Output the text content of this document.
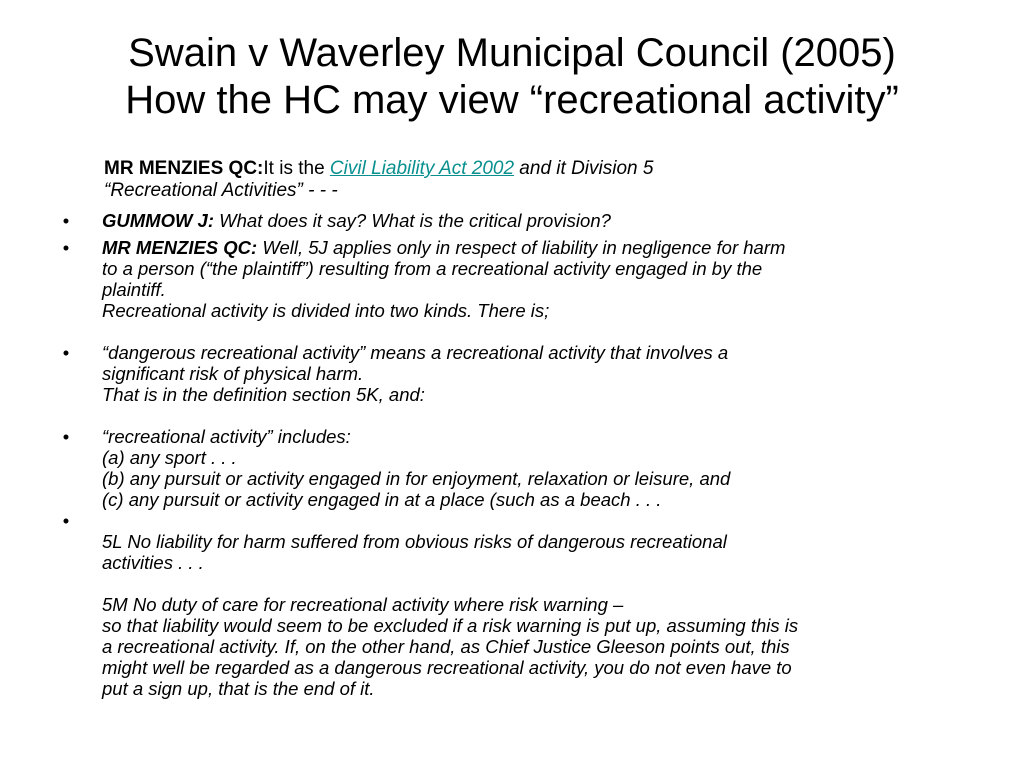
Swain v Waverley Municipal Council (2005)
How the HC may view “recreational activity”
MR MENZIES QC:It is the Civil Liability Act 2002 and it Division 5
“Recreational Activities” - - -
•	GUMMOW J: What does it say? What is the critical provision?
•	MR MENZIES QC: Well, 5J applies only in respect of liability in negligence for harm
to a person (“the plaintiff”) resulting from a recreational activity engaged in by the
plaintiff.
Recreational activity is divided into two kinds. There is;
•	“dangerous recreational activity” means a recreational activity that involves a
significant risk of physical harm.
That is in the definition section 5K, and:
•	“recreational activity” includes:
(a) any sport . . .
(b) any pursuit or activity engaged in for enjoyment, relaxation or leisure, and
(c) any pursuit or activity engaged in at a place (such as a beach . . .
•
5L No liability for harm suffered from obvious risks of dangerous recreational
activities . . .
5M No duty of care for recreational activity where risk warning –
so that liability would seem to be excluded if a risk warning is put up, assuming this is
a recreational activity. If, on the other hand, as Chief Justice Gleeson points out, this
might well be regarded as a dangerous recreational activity, you do not even have to
put a sign up, that is the end of it.
